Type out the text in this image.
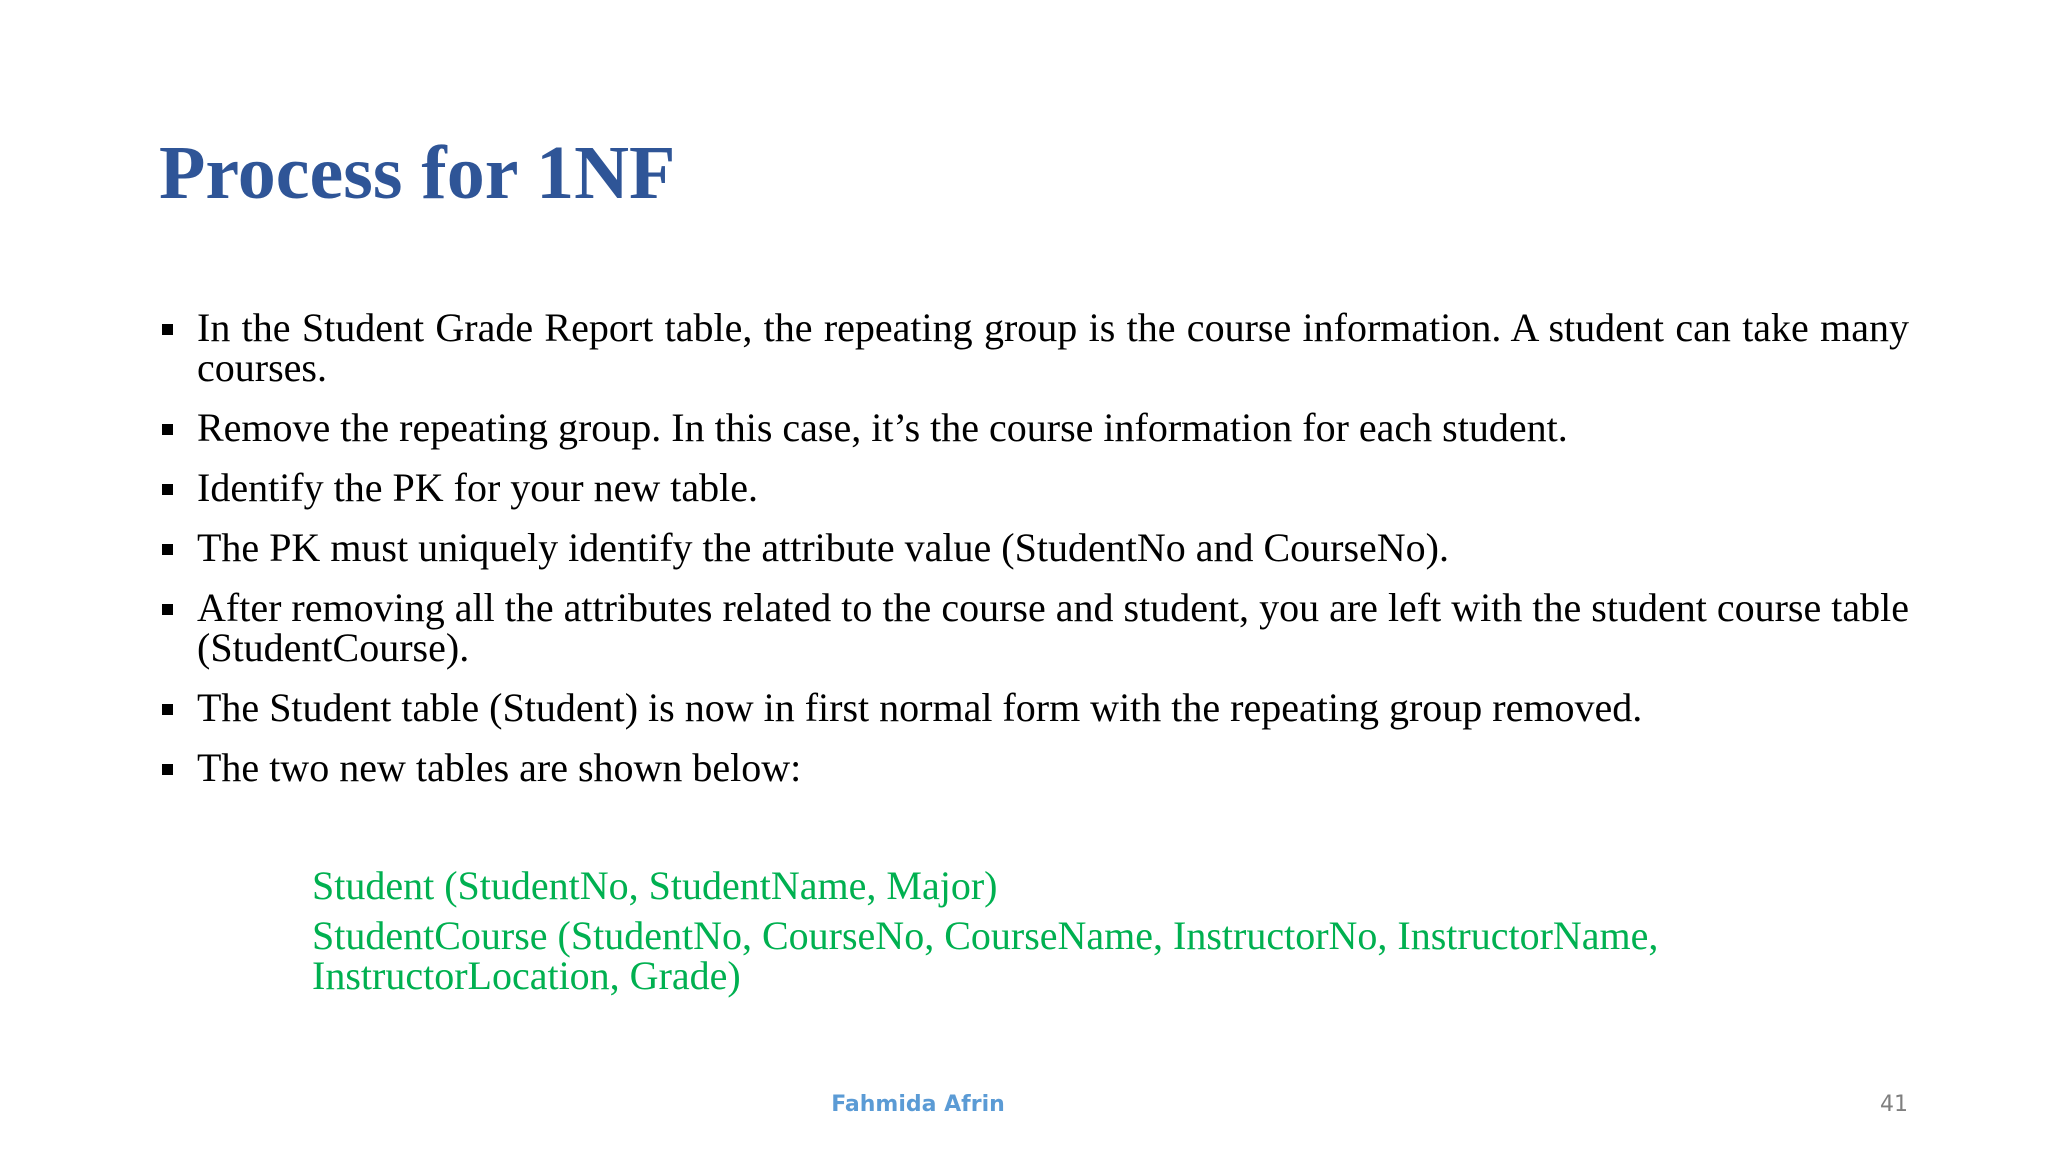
Process for 1NF
In the Student Grade Report table, the repeating group is the course information. A student can take many courses.
Remove the repeating group. In this case, it’s the course information for each student.
Identify the PK for your new table.
The PK must uniquely identify the attribute value (StudentNo and CourseNo).
After removing all the attributes related to the course and student, you are left with the student course table (StudentCourse).
The Student table (Student) is now in first normal form with the repeating group removed.
The two new tables are shown below:
Student (StudentNo, StudentName, Major)
StudentCourse (StudentNo, CourseNo, CourseName, InstructorNo, InstructorName, InstructorLocation, Grade)
Fahmida Afrin	41
